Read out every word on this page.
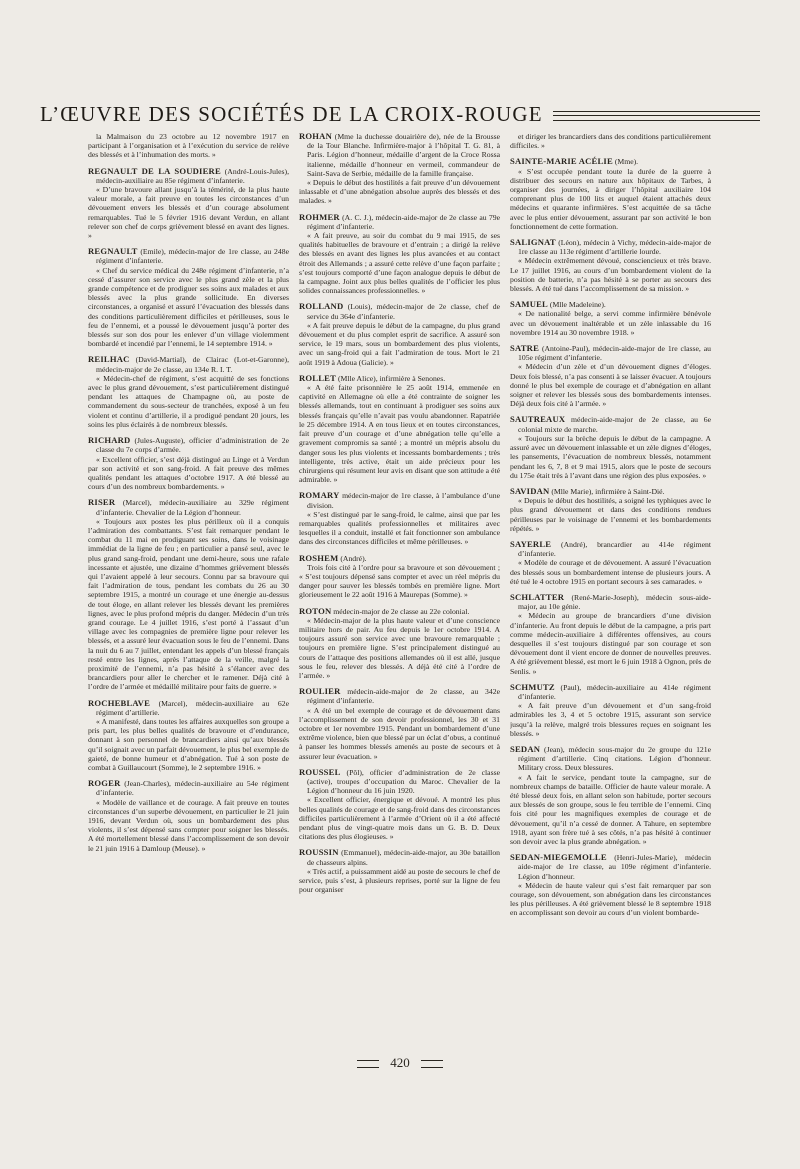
L’ŒUVRE DES SOCIÉTÉS DE LA CROIX-ROUGE

la Malmaison du 23 octobre au 12 novembre 1917 en participant à l’organisation et à l’exécution du service de relève des blessés et à l’inhumation des morts. »

REGNAULT DE LA SOUDIERE (André-Louis-Jules), médecin-auxiliaire au 85e régiment d’infanterie.

« D’une bravoure allant jusqu’à la témérité, de la plus haute valeur morale, a fait preuve en toutes les circonstances d’un dévouement envers les blessés et d’un courage absolument remarquables. Tué le 5 février 1916 devant Verdun, en allant relever son chef de corps grièvement blessé en avant des lignes. »

REGNAULT (Emile), médecin-major de 1re classe, au 248e régiment d’infanterie.

« Chef du service médical du 248e régiment d’infanterie, n’a cessé d’assurer son service avec le plus grand zèle et la plus grande compétence et de prodiguer ses soins aux malades et aux blessés avec la plus grande sollicitude. En diverses circonstances, a organisé et assuré l’évacuation des blessés dans des conditions particulièrement difficiles et périlleuses, sous le feu de l’ennemi, et a poussé le dévouement jusqu’à porter des blessés sur son dos pour les enlever d’un village violemment bombardé et incendié par l’ennemi, le 14 septembre 1914. »

REILHAC (David-Martial), de Clairac (Lot-et-Garonne), médecin-major de 2e classe, au 134e R. I. T.

« Médecin-chef de régiment, s’est acquitté de ses fonctions avec le plus grand dévouement, s’est particulièrement distingué pendant les attaques de Champagne où, au poste de commandement du sous-secteur de tranchées, exposé à un feu violent et continu d’artillerie, il a prodigué pendant 20 jours, les soins les plus éclairés à de nombreux blessés.

RICHARD (Jules-Auguste), officier d’administration de 2e classe du 7e corps d’armée.

« Excellent officier, s’est déjà distingué au Linge et à Verdun par son activité et son sang-froid. A fait preuve des mêmes qualités pendant les attaques d’octobre 1917. A été blessé au cours d’un des nombreux bombardements. »

RISER (Marcel), médecin-auxiliaire au 329e régiment d’infanterie. Chevalier de la Légion d’honneur.

« Toujours aux postes les plus périlleux où il a conquis l’admiration des combattants. S’est fait remarquer pendant le combat du 11 mai en prodiguant ses soins, dans le voisinage immédiat de la ligne de feu ; en particulier a pansé seul, avec le plus grand sang-froid, pendant une demi-heure, sous une rafale incessante et ajustée, une dizaine d’hommes grièvement blessés qui l’avaient appelé à leur secours. Connu par sa bravoure qui fait l’admiration de tous, pendant les combats du 26 au 30 septembre 1915, a montré un courage et une énergie au-dessus de tout éloge, en allant relever les blessés devant les premières lignes, avec le plus profond mépris du danger. Médecin d’un très grand courage. Le 4 juillet 1916, s’est porté à l’assaut d’un village avec les compagnies de première ligne pour relever les blessés, et a assuré leur évacuation sous le feu de l’ennemi. Dans la nuit du 6 au 7 juillet, entendant les appels d’un blessé français resté entre les lignes, après l’attaque de la veille, malgré la proximité de l’ennemi, n’a pas hésité à s’élancer avec des brancardiers pour aller le chercher et le ramener. Déjà cité à l’ordre de l’armée et médaillé militaire pour faits de guerre. »

ROCHEBLAVE (Marcel), médecin-auxiliaire au 62e régiment d’artillerie.

« A manifesté, dans toutes les affaires auxquelles son groupe a pris part, les plus belles qualités de bravoure et d’endurance, donnant à son personnel de brancardiers ainsi qu’aux blessés qu’il soignait avec un parfait dévouement, le plus bel exemple de gaieté, de bonne humeur et d’abnégation. Tué à son poste de combat à Guillaucourt (Somme), le 2 septembre 1916. »

ROGER (Jean-Charles), médecin-auxiliaire au 54e régiment d’infanterie.

« Modèle de vaillance et de courage. A fait preuve en toutes circonstances d’un superbe dévouement, en particulier le 21 juin 1916, devant Verdun où, sous un bombardement des plus violents, il s’est dépensé sans compter pour soigner les blessés. A été mortellement blessé dans l’accomplissement de son devoir le 21 juin 1916 à Damloup (Meuse). »

ROHAN (Mme la duchesse douairière de), née de la Brousse de la Tour Blanche. Infirmière-major à l’hôpital T. G. 81, à Paris. Légion d’honneur, médaille d’argent de la Croce Rossa italienne, médaille d’honneur en vermeil, commandeur de Saint-Sava de Serbie, médaille de la famille française.

« Depuis le début des hostilités a fait preuve d’un dévouement inlassable et d’une abnégation absolue auprès des blessés et des malades. »

ROHMER (A. C. J.), médecin-aide-major de 2e classe au 79e régiment d’infanterie.

« A fait preuve, au soir du combat du 9 mai 1915, de ses qualités habituelles de bravoure et d’entrain ; a dirigé la relève des blessés en avant des lignes les plus avancées et au contact étroit des Allemands ; a assuré cette relève d’une façon parfaite ; s’est toujours comporté d’une façon analogue depuis le début de la campagne. Joint aux plus belles qualités de l’officier les plus solides connaissances professionnelles. »

ROLLAND (Louis), médecin-major de 2e classe, chef de service du 364e d’infanterie.

« A fait preuve depuis le début de la campagne, du plus grand dévouement et du plus complet esprit de sacrifice. A assuré son service, le 19 mars, sous un bombardement des plus violents, avec un sang-froid qui a fait l’admiration de tous. Mort le 21 août 1919 à Adoua (Galicie). »

ROLLET (Mlle Alice), infirmière à Senones.

« A été faite prisonnière le 25 août 1914, emmenée en captivité en Allemagne où elle a été contrainte de soigner les blessés allemands, tout en continuant à prodiguer ses soins aux blessés français qu’elle n’avait pas voulu abandonner. Rapatriée le 25 décembre 1914. A en tous lieux et en toutes circonstances, fait preuve d’un courage et d’une abnégation telle qu’elle a gravement compromis sa santé ; a montré un mépris absolu du danger sous les plus violents et incessants bombardements ; très intelligente, très active, était un aide précieux pour les chirurgiens qui résument leur avis en disant que son attitude a été admirable. »

ROMARY médecin-major de 1re classe, à l’ambulance d’une division.

« S’est distingué par le sang-froid, le calme, ainsi que par les remarquables qualités professionnelles et militaires avec lesquelles il a conduit, installé et fait fonctionner son ambulance dans des circonstances difficiles et même périlleuses. »

ROSHEM (André).

Trois fois cité à l’ordre pour sa bravoure et son dévouement ; « S’est toujours dépensé sans compter et avec un réel mépris du danger pour sauver les blessés tombés en première ligne. Mort glorieusement le 22 août 1916 à Maurepas (Somme). »

ROTON médecin-major de 2e classe au 22e colonial.

« Médecin-major de la plus haute valeur et d’une conscience militaire hors de pair. Au feu depuis le 1er octobre 1914. A toujours assuré son service avec une bravoure remarquable ; toujours en première ligne. S’est principalement distingué au cours de l’attaque des positions allemandes où il est allé, jusque sous le feu, relever des blessés. A déjà été cité à l’ordre de l’armée. »

ROULIER médecin-aide-major de 2e classe, au 342e régiment d’infanterie.

« A été un bel exemple de courage et de dévouement dans l’accomplissement de son devoir professionnel, les 30 et 31 octobre et 1er novembre 1915. Pendant un bombardement d’une extrême violence, bien que blessé par un éclat d’obus, a continué à panser les hommes blessés amenés au poste de secours et à assurer leur évacuation. »

ROUSSEL (Pôl), officier d’administration de 2e classe (active), troupes d’occupation du Maroc. Chevalier de la Légion d’honneur du 16 juin 1920.

« Excellent officier, énergique et dévoué. A montré les plus belles qualités de courage et de sang-froid dans des circonstances difficiles particulièrement à l’armée d’Orient où il a été affecté pendant plus de vingt-quatre mois dans un G. B. D. Deux citations des plus élogieuses. »

ROUSSIN (Emmanuel), médecin-aide-major, au 30e bataillon de chasseurs alpins.

« Très actif, a puissamment aidé au poste de secours le chef de service, puis s’est, à plusieurs reprises, porté sur la ligne de feu pour organiser

et diriger les brancardiers dans des conditions particulièrement difficiles. »

SAINTE-MARIE ACÉLIE (Mme).

« S’est occupée pendant toute la durée de la guerre à distribuer des secours en nature aux hôpitaux de Tarbes, à organiser des journées, à diriger l’hôpital auxiliaire 104 comprenant plus de 100 lits et auquel étaient attachés deux médecins et quarante infirmières. S’est acquittée de sa tâche avec le plus entier dévouement, assurant par son activité le bon fonctionnement de cette formation.

SALIGNAT (Léon), médecin à Vichy, médecin-aide-major de 1re classe au 113e régiment d’artillerie lourde.

« Médecin extrêmement dévoué, consciencieux et très brave. Le 17 juillet 1916, au cours d’un bombardement violent de la position de batterie, n’a pas hésité à se porter au secours des blessés. A été tué dans l’accomplissement de sa mission. »

SAMUEL (Mlle Madeleine).

« De nationalité belge, a servi comme infirmière bénévole avec un dévouement inaltérable et un zèle inlassable du 16 novembre 1914 au 30 novembre 1918. »

SATRE (Antoine-Paul), médecin-aide-major de 1re classe, au 105e régiment d’infanterie.

« Médecin d’un zèle et d’un dévouement dignes d’éloges. Deux fois blessé, n’a pas consenti à se laisser évacuer. A toujours donné le plus bel exemple de courage et d’abnégation en allant soigner et relever les blessés sous des bombardements intenses. Déjà deux fois cité à l’armée. »

SAUTREAUX médecin-aide-major de 2e classe, au 6e colonial mixte de marche.

« Toujours sur la brèche depuis le début de la campagne. A assuré avec un dévouement inlassable et un zèle dignes d’éloges, les pansements, l’évacuation de nombreux blessés, notamment pendant les 6, 7, 8 et 9 mai 1915, alors que le poste de secours du 175e était très à l’avant dans une région des plus exposées. »

SAVIDAN (Mlle Marie), infirmière à Saint-Dié.

« Depuis le début des hostilités, a soigné les typhiques avec le plus grand dévouement et dans des conditions rendues périlleuses par le voisinage de l’ennemi et les bombardements répétés. »

SAYERLE (André), brancardier au 414e régiment d’infanterie.

« Modèle de courage et de dévouement. A assuré l’évacuation des blessés sous un bombardement intense de plusieurs jours. A été tué le 4 octobre 1915 en portant secours à ses camarades. »

SCHLATTER (René-Marie-Joseph), médecin sous-aide-major, au 10e génie.

« Médecin au groupe de brancardiers d’une division d’infanterie. Au front depuis le début de la campagne, a pris part comme médecin-auxiliaire à différentes offensives, au cours desquelles il s’est toujours distingué par son courage et son dévouement dont il vient encore de donner de nouvelles preuves. A été grièvement blessé, est mort le 6 juin 1918 à Ognon, près de Senlis. »

SCHMUTZ (Paul), médecin-auxiliaire au 414e régiment d’infanterie.

« A fait preuve d’un dévouement et d’un sang-froid admirables les 3, 4 et 5 octobre 1915, assurant son service jusqu’à la relève, malgré trois blessures reçues en soignant les blessés. »

SEDAN (Jean), médecin sous-major du 2e groupe du 121e régiment d’artillerie. Cinq citations. Légion d’honneur. Military cross. Deux blessures.

« A fait le service, pendant toute la campagne, sur de nombreux champs de bataille. Officier de haute valeur morale. A été blessé deux fois, en allant selon son habitude, porter secours aux blessés de son groupe, sous le feu terrible de l’ennemi. Cinq fois cité pour les magnifiques exemples de courage et de dévouement, qu’il n’a cessé de donner. A Tahure, en septembre 1918, ayant son frère tué à ses côtés, n’a pas hésité à continuer son devoir avec la plus grande abnégation. »

SEDAN-MIEGEMOLLE (Henri-Jules-Marie), médecin aide-major de 1re classe, au 109e régiment d’infanterie. Légion d’honneur.

« Médecin de haute valeur qui s’est fait remarquer par son courage, son dévouement, son abnégation dans les circonstances les plus périlleuses. A été grièvement blessé le 8 septembre 1918 en accomplissant son devoir au cours d’un violent bombarde-

420
